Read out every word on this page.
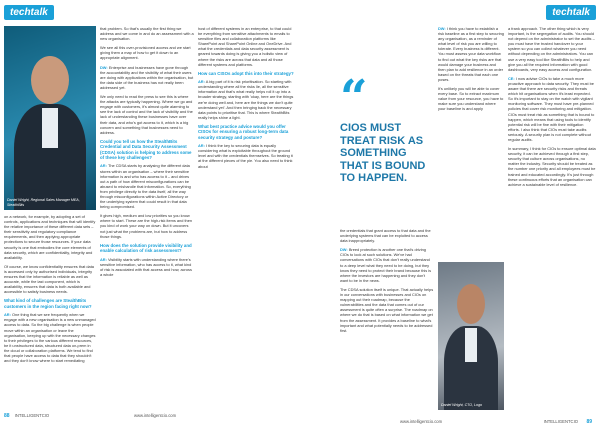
techtalk
Daniel Wright, Regional Sales Manager MEA, StealthBits

on a network, for example, by adopting a set of controls, applications and techniques that will identify the relative importance of these different data sets – their sensitivity and regulatory compliance requirements, and then applying appropriate protections to secure those resources. If your data security is one that embodies the core elements of data security, which are confidentiality, integrity and availability.

Of course, we know confidentiality ensures that data is accessed only by authorised individuals, integrity ensures that the information is reliable as well as accurate, while the last component, which is availability, ensures that data is both available and accessible to satisfy business needs.

What kind of challenges are StealthBits customers in the region facing right now?

AR: One thing that we see frequently when we engage with a new organisation is a new unmanaged access to data. So the big challenge is when people move within an organisation or leave the organisation, keeping up with the necessary changes to their privileges to the various different resources, be it unstructured data, structured data on-prem in the cloud or collaboration platforms. We tend to find that people have access to data that they shouldn't and they don't know where to start remediating

that problem. So that's usually the first thing we address and we come in and do an assessment with a new organisation.

We see all this over-provisioned access and we start giving them a map of how to get it down to an appropriate alignment.

DW: Enterprise and businesses have gone through the accountability and the visibility of what their users are doing with applications within the organisation, but the data side of the business has not really been addressed yet.

We only need to read the press to see this is where the attacks are typically happening. Where we go and engage with customers, it's almost quite alarming to see the lack of control and the lack of visibility and the lack of understanding these businesses have over their data, and who's got access to it, which is a big concern and something that businesses need to address.

Could you tell us how the StealthBits Credential and Data Security Assessment (CDSA) solution is helping to address some of these key challenges?

AR: The CDSA starts by analysing the different data stores within an organisation – where their sensitive information is and who has access to it – and drives out a path of how different misconfigurations can be abused to mishandle that information. So, everything from privilege directly to the data itself, all the way through misconfigurations within Active Directory or the underlying system that could result in that data being compromised.

It gives high, medium and low priorities so you know where to start. These are the high-risk items and then you kind of work your way on down. But it uncovers not just what the problems are, but how to address those things.

How does the solution provide visibility and enable calculation of risk assessment?

AR: Visibility starts with understanding where there's sensitive information, who has access to it, what kind of risk is associated with that access and how, across a whole

host of different systems in an enterprise, to that could be everything from sensitive attachments to emails to sensitive files and collaboration platforms like SharePoint and SharePoint Online and OneDrive. And what the credentials and data security assessment is geared towards doing is giving you a holistic view of where the risks are across that data and all those different systems and platforms.

How can CISOs adopt this into their strategy?

AR: A big part of it is risk prioritisation. So starting with understanding where all the risks lie, all the sensitive information and that's what really helps roll it up into a broader strategy, starting with 'okay, here are the things we're doing well and, here are the things we don't quite understand yet'. And then bringing back the necessary data points to prioritise that. This is where StealthBits really helps shine a light.

What best practice advice would you offer CISOs for ensuring a robust long-term data security strategy and posture?

AR: I think the key to securing data is equally considering what is exploitable throughout the ground level and with the credentials themselves. So treating it at the different pieces of the pie. You also need to think about

88 INTELLIGENTCIO	www.intelligentcio.com
techtalk

the credentials that grant access to that data and the underlying systems that can be exploited to access data inappropriately.

DW: Breed protection is another one that's driving CIOs to look at such solutions. We've had conversations with CIOs that don't really understand to a deep level what they need to be doing, but they know they need to protect their brand because this is where the investors are happening and they don't want to be in the news.

The CDSA solution itself is unique. That actually helps in our conversations with businesses and CIOs on mapping out their roadmap, because the vulnerabilities and the data that comes out of our assessment is quite often a surprise. The roadmap on where we do that is based on what information we get from the assessment. It provides a baseline to what's important and what potentially needs to be addressed first.

“
CIOS MUST TREAT RISK AS SOMETHING THAT IS BOUND TO HAPPEN.

DW: I think you have to establish a risk baseline as a first step to securing any organisation, as a reminder of what level of risk you are willing to tolerate. Every business is different. You must assess your data workflow to find out what the key risks are that would damage your business and then plan to add resilience in an order based on the threats that each one poses.

It's unlikely you will be able to cover every base. So to extract maximum value from your resource, you have to make sure you understand where your baseline is and apply

Daniel Wright, CTO, Logo

a frank approach. The other thing which is very important, is the segregation of audits. You should not depend on the administrator to set the audits – you must have the trusted handover to your system so you can collect whatever you need without depending on the administrators. You can use a very easy tool like StealthBits to help and give you all the required information with good dashboards, very easy access and configuration.

CE: I now advise CIOs to take a much more proactive approach to data security. They must be aware that there are security risks and threats which hit organisations when it's least expected. So it's important to stay on the watch with vigilant monitoring software. They must have pre-planned policies that cover risk monitoring and mitigation. CIOs must treat risk as something that is bound to happen, which means that using tools to identify potential risk will be fine with their mitigation efforts. I also think that CIOs must take audits seriously. A security plan is not complete without regular audits.

In summary, I think for CIOs to ensure optimal data security, it can be achieved through a first step, security that culture across organisations, no matter the industry. Security should be treated as the number one priority and all employees must be trained and educated accordingly. It's just through these continuous efforts that an organisation can achieve a sustainable level of resilience.

www.intelligentcio.com	INTELLIGENTCIO 89
